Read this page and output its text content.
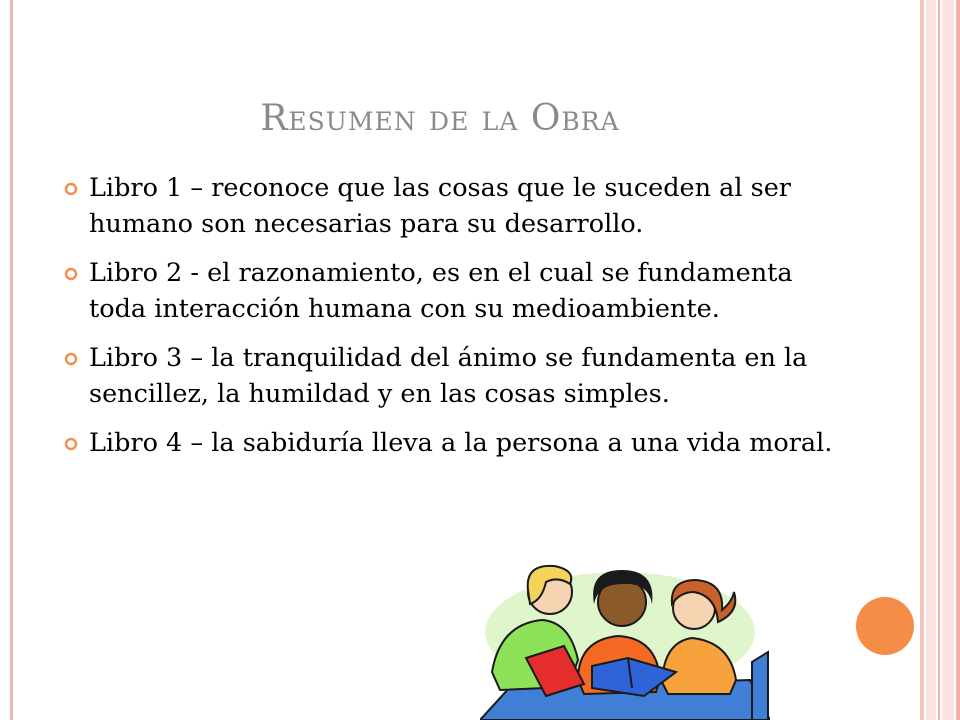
Resumen de la Obra
Libro 1 – reconoce que las cosas que le suceden al ser humano son necesarias para su desarrollo.
Libro 2 - el razonamiento, es en el cual se fundamenta toda interacción humana con su medioambiente.
Libro 3 – la tranquilidad del ánimo se fundamenta en la sencillez, la humildad y en las cosas simples.
Libro 4 – la sabiduría lleva a la persona a una vida moral.
